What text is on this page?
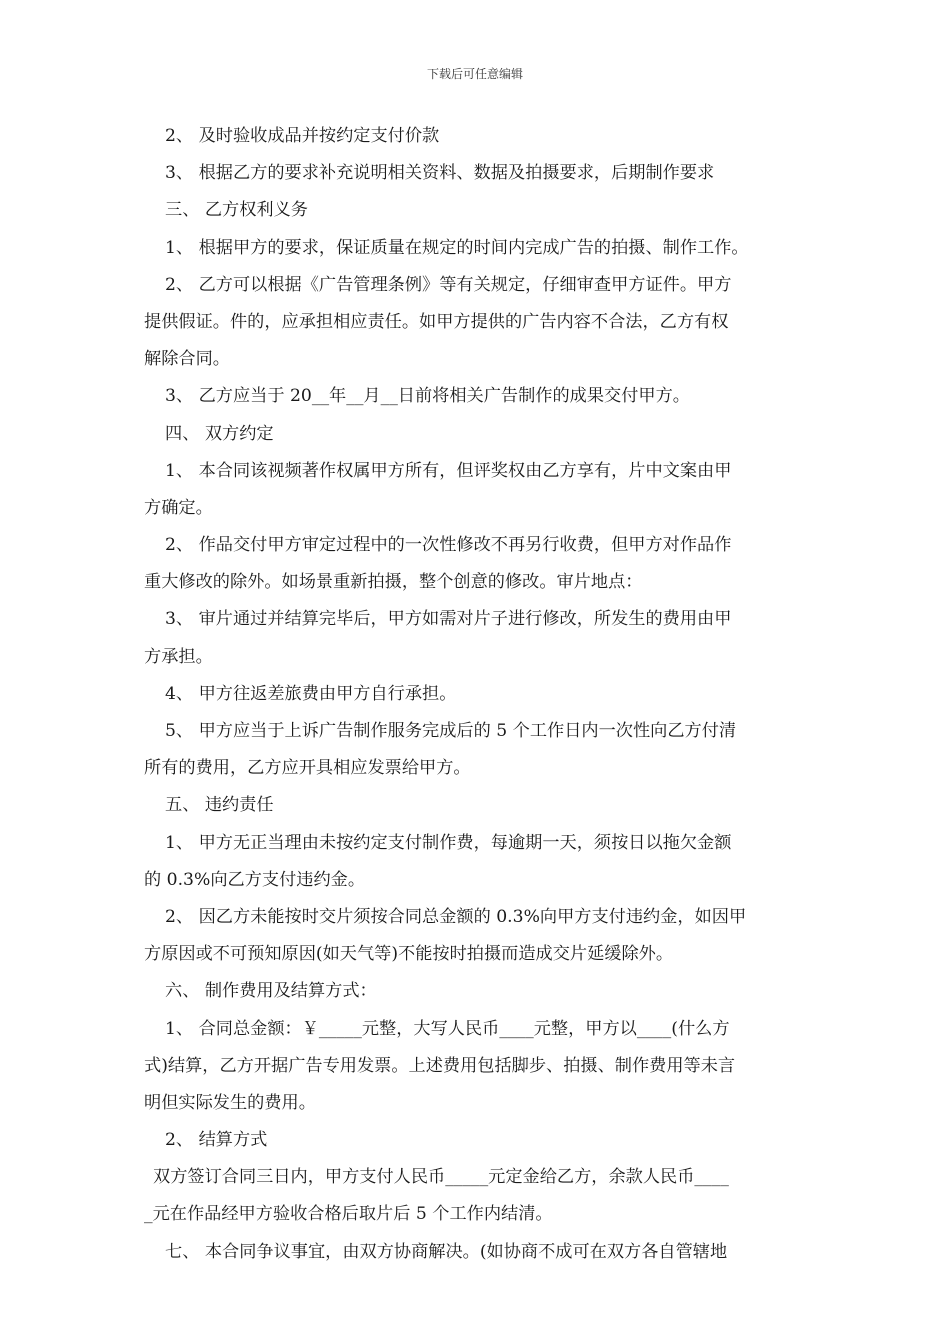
下载后可任意编辑
2、 及时验收成品并按约定支付价款
3、 根据乙方的要求补充说明相关资料、数据及拍摄要求，后期制作要求
三、 乙方权利义务
1、 根据甲方的要求，保证质量在规定的时间内完成广告的拍摄、制作工作。
2、 乙方可以根据《广告管理条例》等有关规定，仔细审查甲方证件。甲方
提供假证。件的，应承担相应责任。如甲方提供的广告内容不合法，乙方有权
解除合同。
3、 乙方应当于 20__年__月__日前将相关广告制作的成果交付甲方。
四、 双方约定
1、 本合同该视频著作权属甲方所有，但评奖权由乙方享有，片中文案由甲
方确定。
2、 作品交付甲方审定过程中的一次性修改不再另行收费，但甲方对作品作
重大修改的除外。如场景重新拍摄，整个创意的修改。审片地点：
3、 审片通过并结算完毕后，甲方如需对片子进行修改，所发生的费用由甲
方承担。
4、 甲方往返差旅费由甲方自行承担。
5、 甲方应当于上诉广告制作服务完成后的 5 个工作日内一次性向乙方付清
所有的费用，乙方应开具相应发票给甲方。
五、 违约责任
1、 甲方无正当理由未按约定支付制作费，每逾期一天，须按日以拖欠金额
的 0.3%向乙方支付违约金。
2、 因乙方未能按时交片须按合同总金额的 0.3%向甲方支付违约金，如因甲
方原因或不可预知原因(如天气等)不能按时拍摄而造成交片延缓除外。
六、 制作费用及结算方式：
1、 合同总金额：￥_____元整，大写人民币____元整，甲方以____(什么方
式)结算，乙方开据广告专用发票。上述费用包括脚步、拍摄、制作费用等未言
明但实际发生的费用。
2、 结算方式
双方签订合同三日内，甲方支付人民币_____元定金给乙方，余款人民币____
_元在作品经甲方验收合格后取片后 5 个工作内结清。
七、 本合同争议事宜，由双方协商解决。(如协商不成可在双方各自管辖地
